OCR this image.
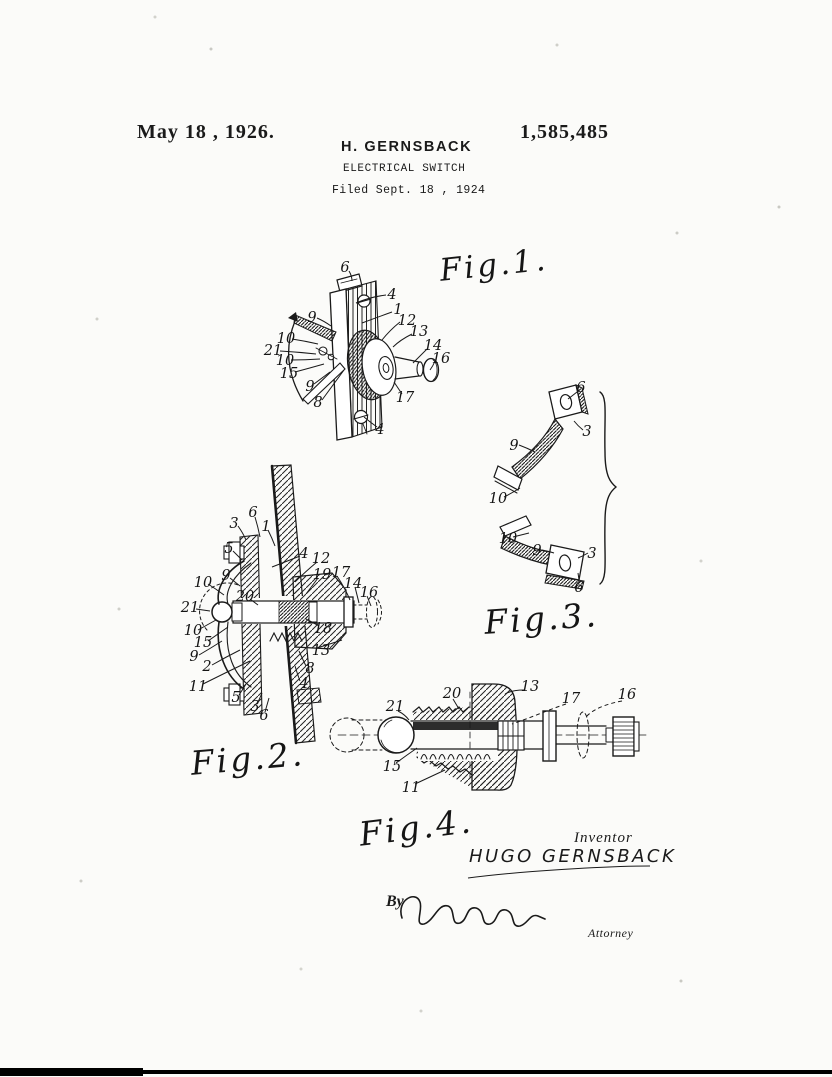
May 18 , 1926.	1,585,485
H. GERNSBACK
ELECTRICAL SWITCH
Filed Sept. 18 , 1924
6
4
1
12
13
14
16
17
9
10
21
10
15
9
8
4
6
3
9
10
10
9	3
6
3
6
1
5	4 12
19 17
14
16
10 9
21
20
10
15
9
2
11
18
13
8
4
5
3
6
21
20	13
17	16
15
11
Fig.1.
Fig.2.
Fig.3.
Fig.4.	Inventor
HUGO GERNSBACK
By
Attorney
